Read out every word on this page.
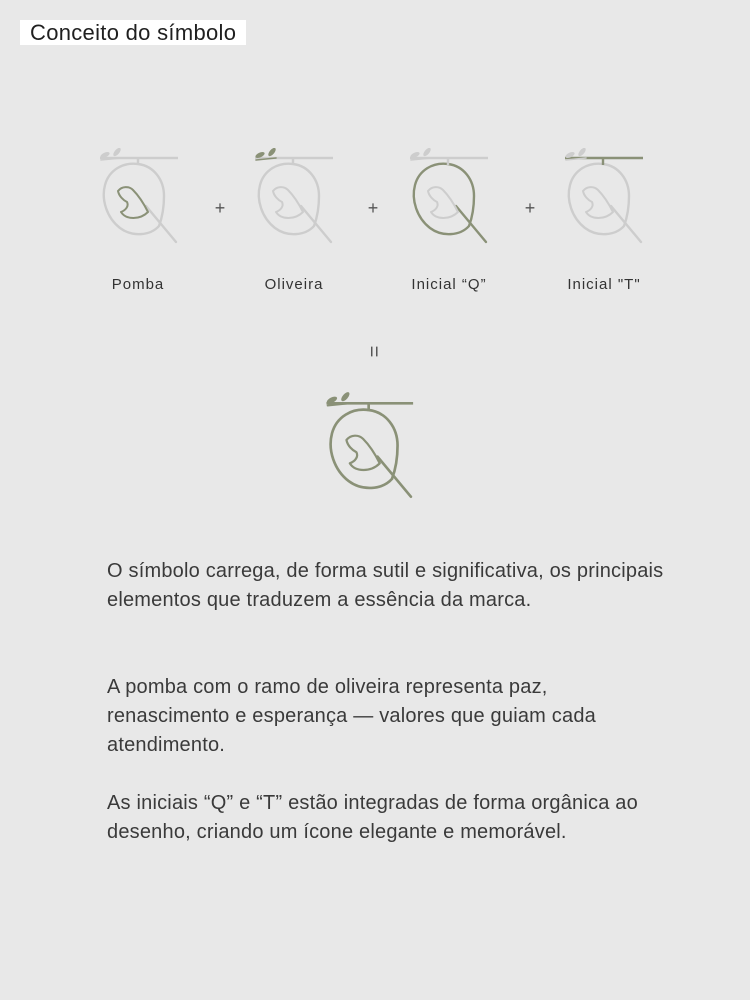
Conceito do símbolo
Pomba
+
Oliveira
+
Inicial “Q”
+
Inicial "T"
=
O símbolo carrega, de forma sutil e significativa, os principais elementos que traduzem a essência da marca.
A pomba com o ramo de oliveira representa paz, renascimento e esperança — valores que guiam cada atendimento.
As iniciais “Q” e “T” estão integradas de forma orgânica ao desenho, criando um ícone elegante e memorável.
